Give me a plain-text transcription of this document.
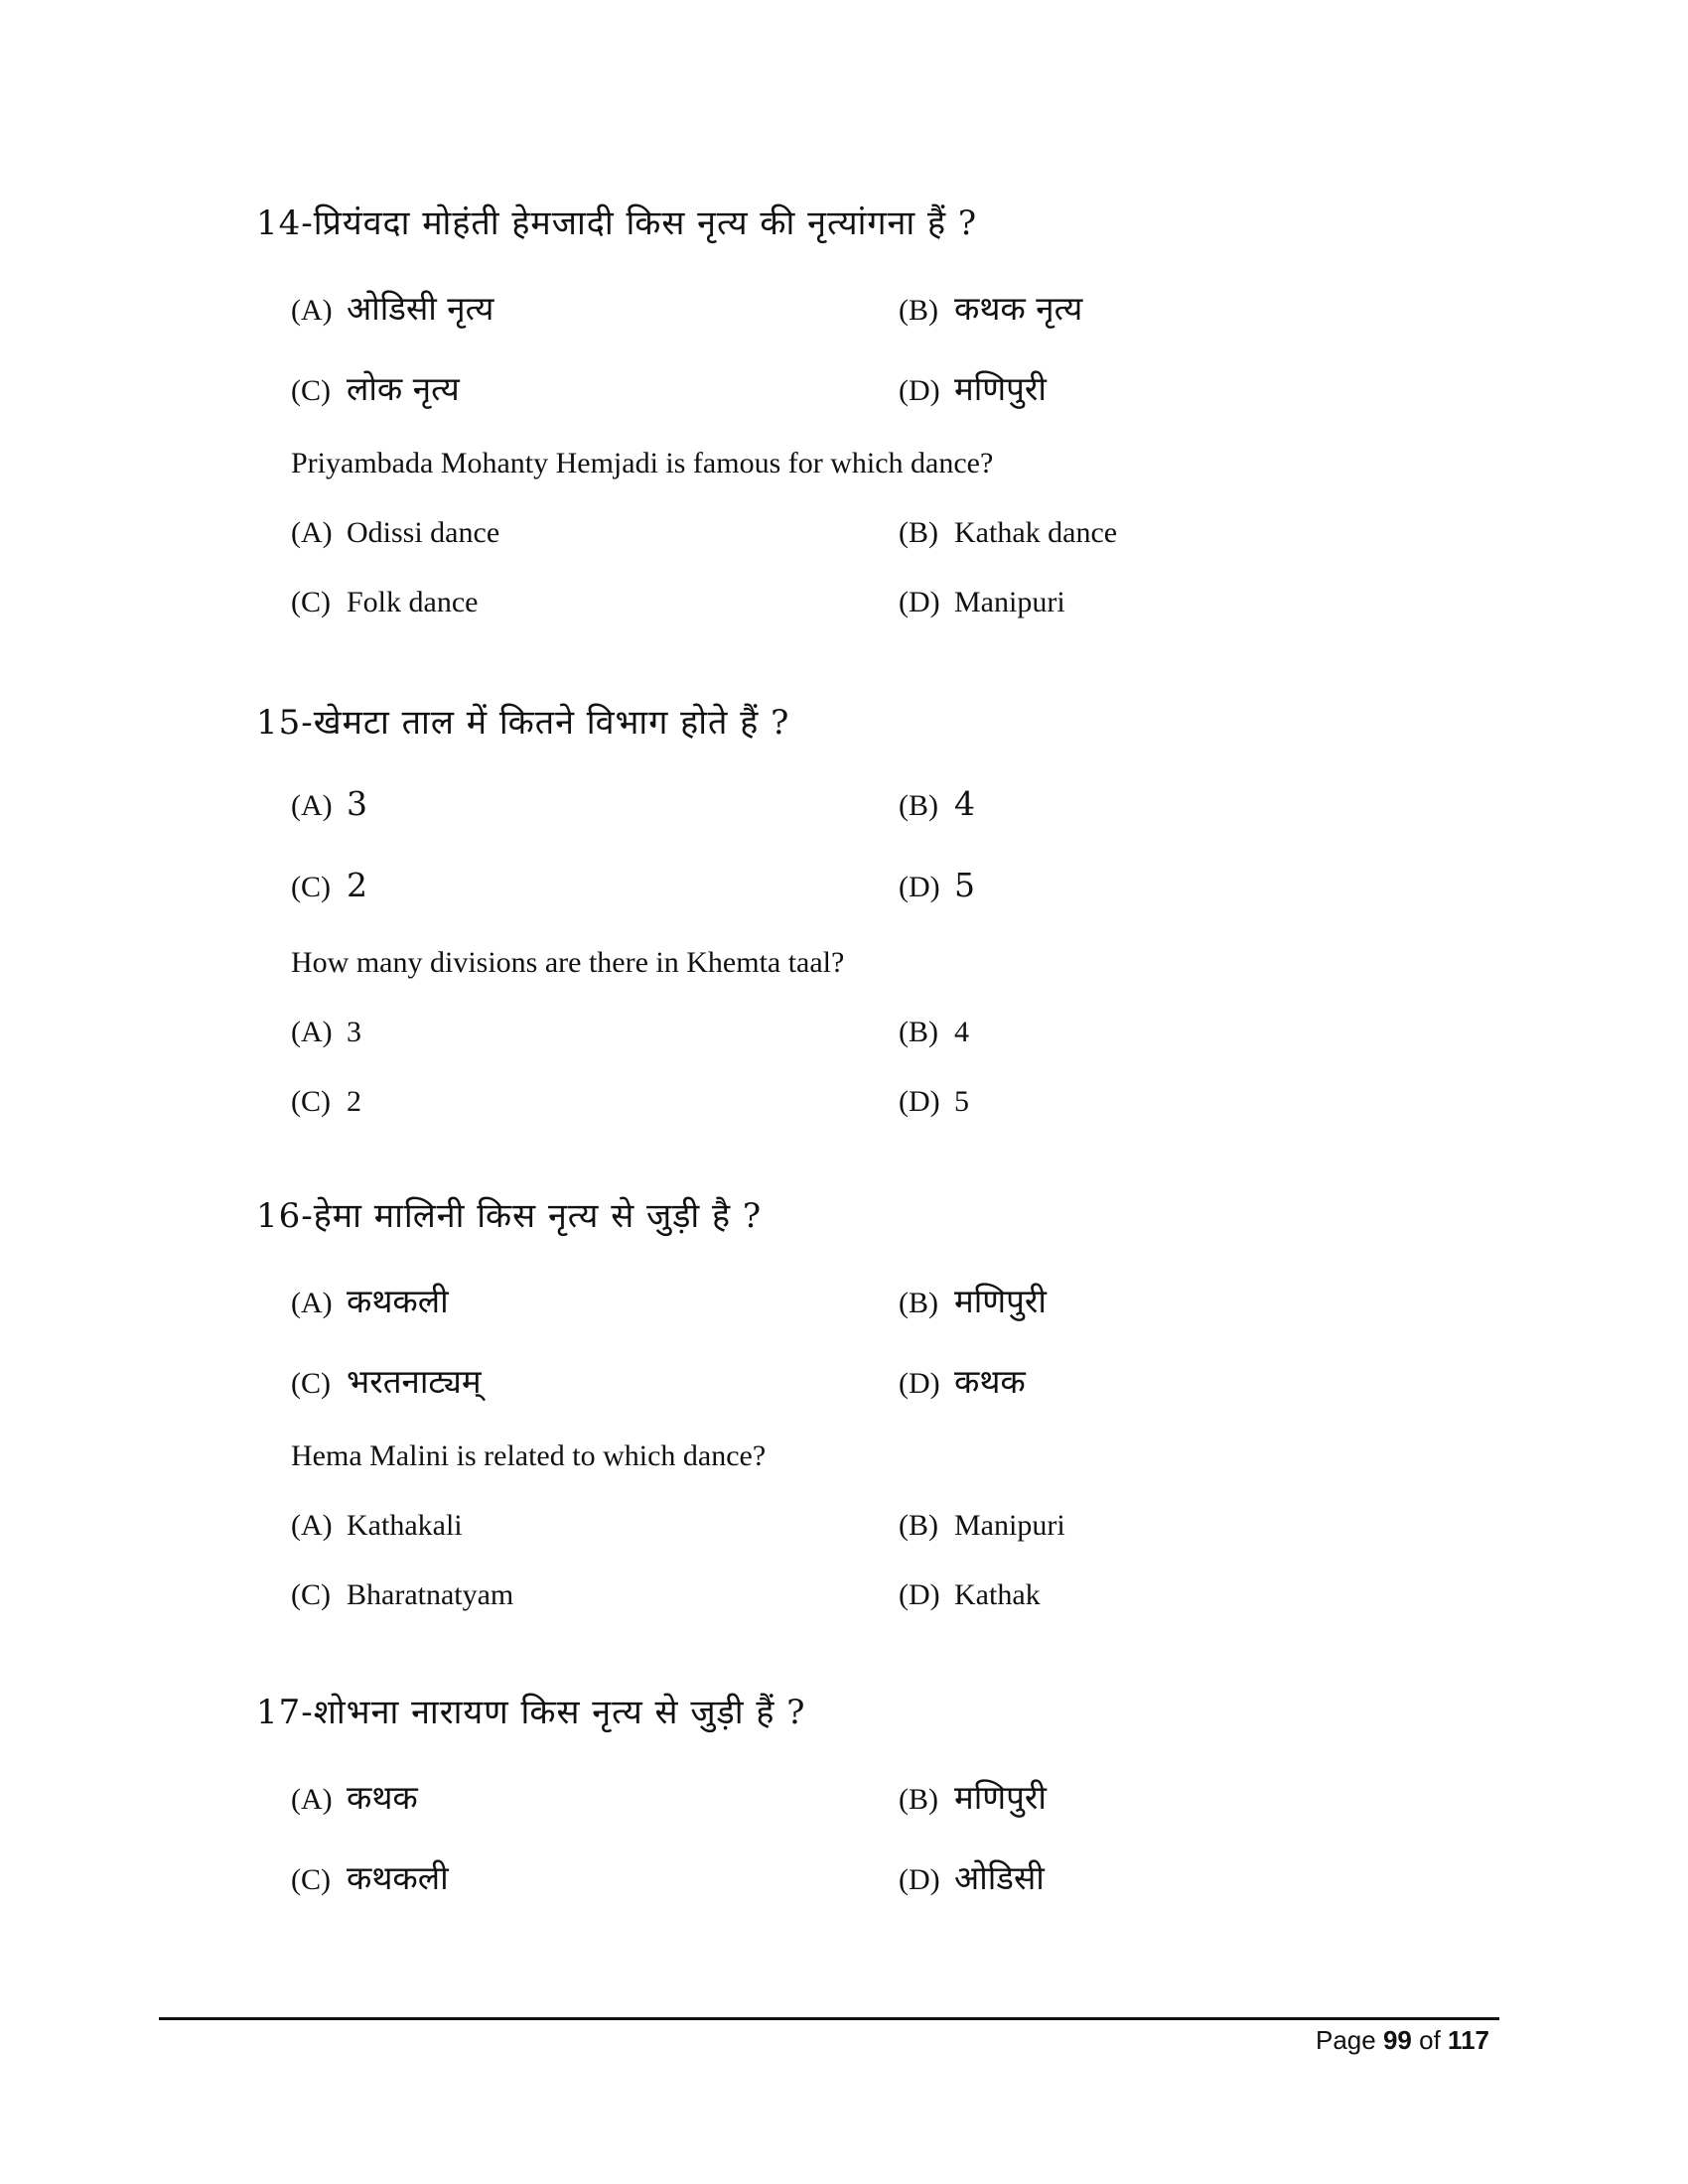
14-प्रियंवदा मोहंती हेमजादी किस नृत्य की नृत्यांगना हैं ?
(A) ओडिसी नृत्य	(B) कथक नृत्य
(C) लोक नृत्य	(D) मणिपुरी
Priyambada Mohanty Hemjadi is famous for which dance?
(A) Odissi dance	(B) Kathak dance
(C) Folk dance	(D) Manipuri
15-खेमटा ताल में कितने विभाग होते हैं ?
(A) 3	(B) 4
(C) 2	(D) 5
How many divisions are there in Khemta taal?
(A) 3	(B) 4
(C) 2	(D) 5
16-हेमा मालिनी किस नृत्य से जुड़ी है ?
(A) कथकली	(B) मणिपुरी
(C) भरतनाट्यम्	(D) कथक
Hema Malini is related to which dance?
(A) Kathakali	(B) Manipuri
(C) Bharatnatyam	(D) Kathak
17-शोभना नारायण किस नृत्य से जुड़ी हैं ?
(A) कथक	(B) मणिपुरी
(C) कथकली	(D) ओडिसी
Page 99 of 117
